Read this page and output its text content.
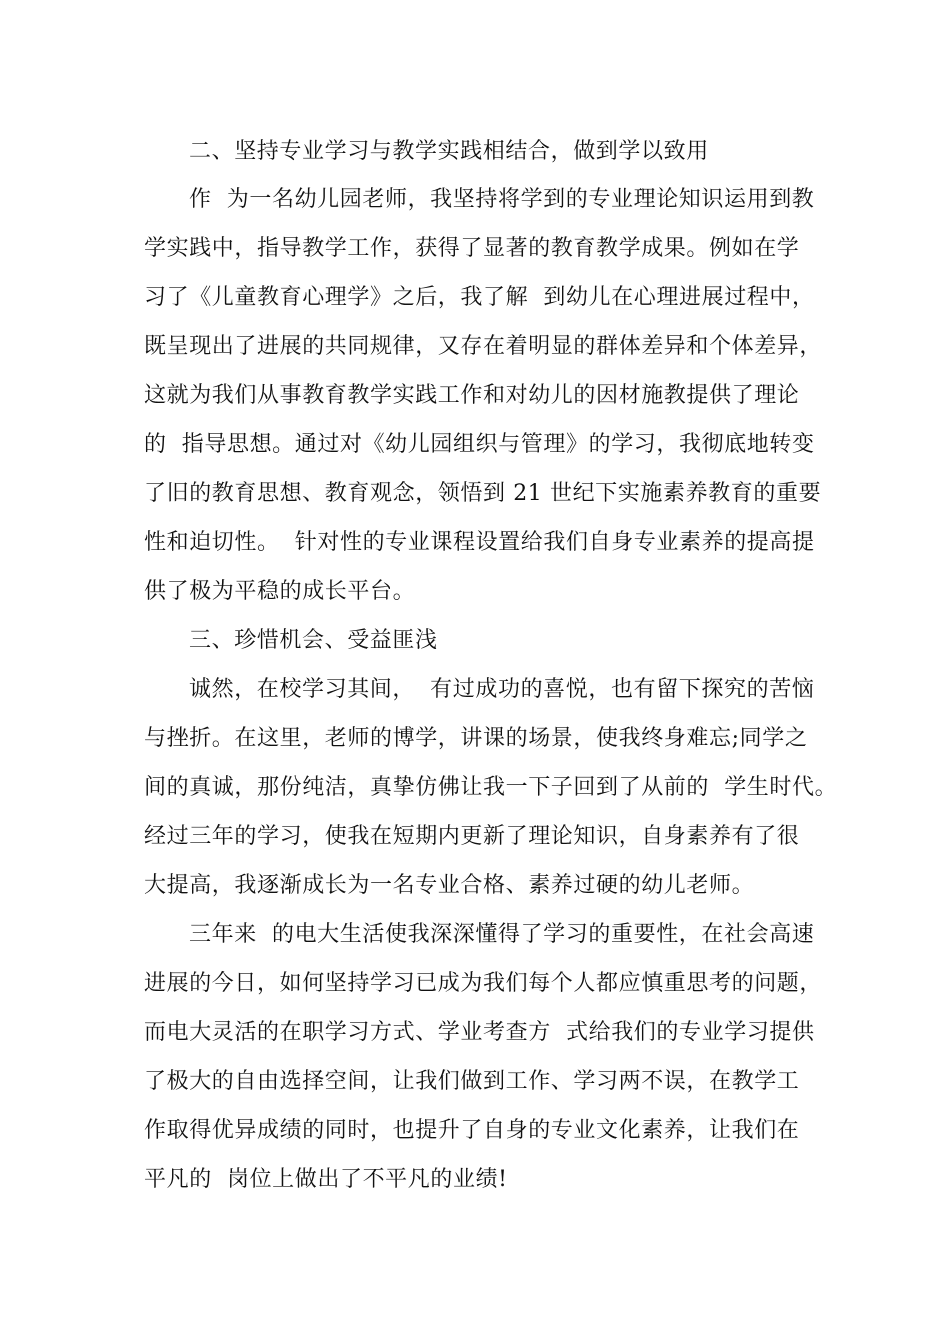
二、坚持专业学习与教学实践相结合，做到学以致用
作  为一名幼儿园老师，我坚持将学到的专业理论知识运用到教
学实践中，指导教学工作，获得了显著的教育教学成果。例如在学
习了《儿童教育心理学》之后，我了解  到幼儿在心理进展过程中，
既呈现出了进展的共同规律，又存在着明显的群体差异和个体差异，
这就为我们从事教育教学实践工作和对幼儿的因材施教提供了理论
的  指导思想。通过对《幼儿园组织与管理》的学习，我彻底地转变
了旧的教育思想、教育观念，领悟到 21 世纪下实施素养教育的重要
性和迫切性。  针对性的专业课程设置给我们自身专业素养的提高提
供了极为平稳的成长平台。
三、珍惜机会、受益匪浅
诚然，在校学习其间，  有过成功的喜悦，也有留下探究的苦恼
与挫折。在这里，老师的博学，讲课的场景，使我终身难忘;同学之
间的真诚，那份纯洁，真挚仿佛让我一下子回到了从前的  学生时代。
经过三年的学习，使我在短期内更新了理论知识，自身素养有了很
大提高，我逐渐成长为一名专业合格、素养过硬的幼儿老师。
三年来  的电大生活使我深深懂得了学习的重要性，在社会高速
进展的今日，如何坚持学习已成为我们每个人都应慎重思考的问题，
而电大灵活的在职学习方式、学业考查方  式给我们的专业学习提供
了极大的自由选择空间，让我们做到工作、学习两不误，在教学工
作取得优异成绩的同时，也提升了自身的专业文化素养，让我们在
平凡的  岗位上做出了不平凡的业绩!
